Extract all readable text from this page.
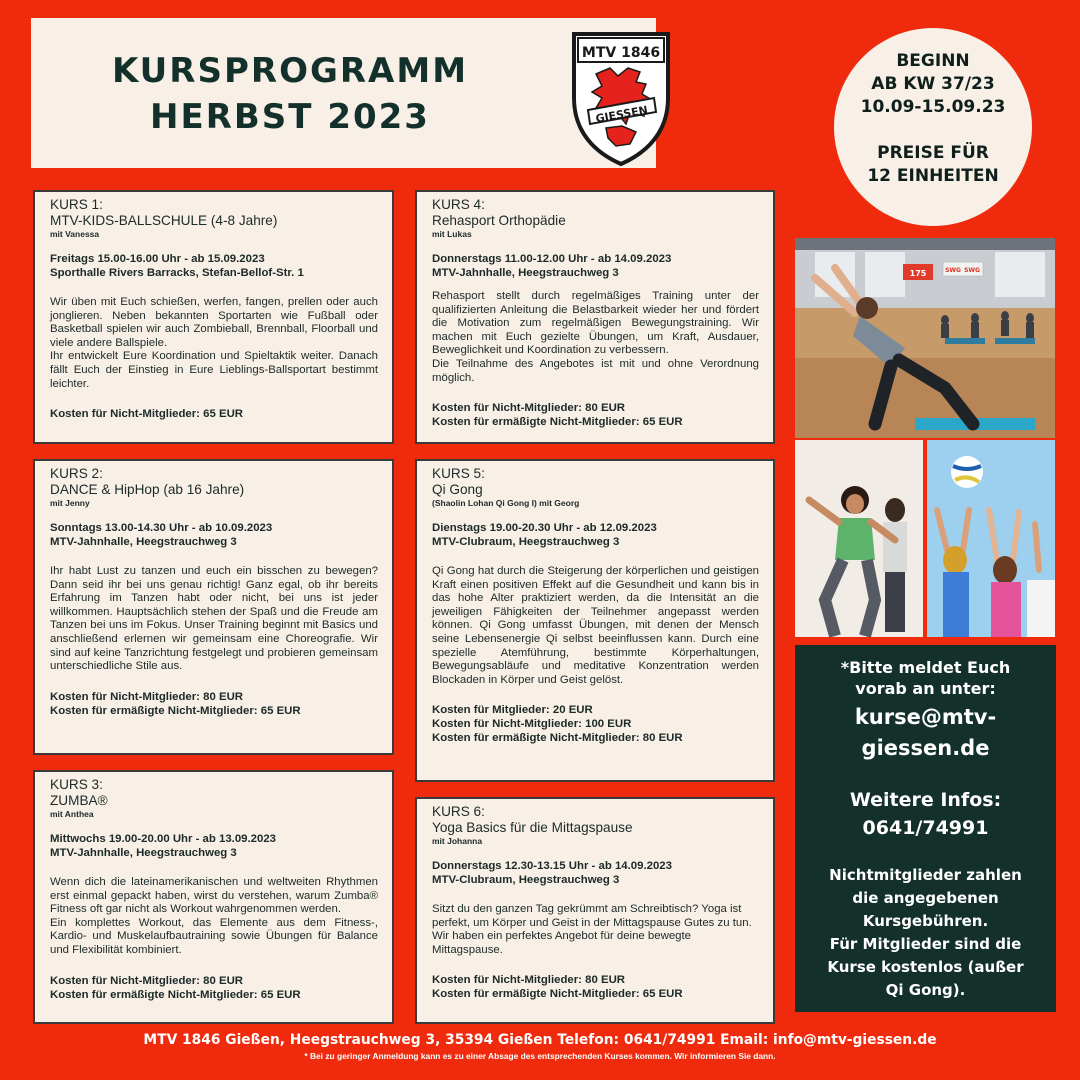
KURSPROGRAMM
HERBST 2023
MTV 1846
GIESSEN
BEGINN
AB KW 37/23
10.09-15.09.23
PREISE FÜR
12 EINHEITEN
KURS 1:
MTV-KIDS-BALLSCHULE (4-8 Jahre)
mit Vanessa
Freitags 15.00-16.00 Uhr - ab 15.09.2023
Sporthalle Rivers Barracks, Stefan-Bellof-Str. 1
Wir üben mit Euch schießen, werfen, fangen, prellen oder auch jonglieren. Neben bekannten Sportarten wie Fußball oder Basketball spielen wir auch Zombieball, Brennball, Floorball und viele andere Ballspiele.
Ihr entwickelt Eure Koordination und Spieltaktik weiter. Danach fällt Euch der Einstieg in Eure Lieblings-Ballsportart bestimmt leichter.
Kosten für Nicht-Mitglieder: 65 EUR
KURS 2:
DANCE & HipHop (ab 16 Jahre)
mit Jenny
Sonntags 13.00-14.30 Uhr - ab 10.09.2023
MTV-Jahnhalle, Heegstrauchweg 3
Ihr habt Lust zu tanzen und euch ein bisschen zu bewegen? Dann seid ihr bei uns genau richtig! Ganz egal, ob ihr bereits Erfahrung im Tanzen habt oder nicht, bei uns ist jeder willkommen. Hauptsächlich stehen der Spaß und die Freude am Tanzen bei uns im Fokus. Unser Training beginnt mit Basics und anschließend erlernen wir gemeinsam eine Choreografie. Wir sind auf keine Tanzrichtung festgelegt und probieren gemeinsam unterschiedliche Stile aus.
Kosten für Nicht-Mitglieder: 80 EUR
Kosten für ermäßigte Nicht-Mitglieder: 65 EUR
KURS 3:
ZUMBA®
mit Anthea
Mittwochs 19.00-20.00 Uhr - ab 13.09.2023
MTV-Jahnhalle, Heegstrauchweg 3
Wenn dich die lateinamerikanischen und weltweiten Rhythmen erst einmal gepackt haben, wirst du verstehen, warum Zumba® Fitness oft gar nicht als Workout wahrgenommen werden.
Ein komplettes Workout, das Elemente aus dem Fitness-, Kardio- und Muskelaufbautraining sowie Übungen für Balance und Flexibilität kombiniert.
Kosten für Nicht-Mitglieder: 80 EUR
Kosten für ermäßigte Nicht-Mitglieder: 65 EUR
KURS 4:
Rehasport Orthopädie
mit Lukas
Donnerstags 11.00-12.00 Uhr - ab 14.09.2023
MTV-Jahnhalle, Heegstrauchweg 3
Rehasport stellt durch regelmäßiges Training unter der qualifizierten Anleitung die Belastbarkeit wieder her und fördert die Motivation zum regelmäßigen Bewegungstraining. Wir machen mit Euch gezielte Übungen, um Kraft, Ausdauer, Beweglichkeit und Koordination zu verbessern.
Die Teilnahme des Angebotes ist mit und ohne Verordnung möglich.
Kosten für Nicht-Mitglieder: 80 EUR
Kosten für ermäßigte Nicht-Mitglieder: 65 EUR
KURS 5:
Qi Gong
(Shaolin Lohan Qi Gong I) mit Georg
Dienstags 19.00-20.30 Uhr - ab 12.09.2023
MTV-Clubraum, Heegstrauchweg 3
Qi Gong hat durch die Steigerung der körperlichen und geistigen Kraft einen positiven Effekt auf die Gesundheit und kann bis in das hohe Alter praktiziert werden, da die Intensität an die jeweiligen Fähigkeiten der Teilnehmer angepasst werden können. Qi Gong umfasst Übungen, mit denen der Mensch seine Lebensenergie Qi selbst beeinflussen kann. Durch eine spezielle Atemführung, bestimmte Körperhaltungen, Bewegungsabläufe und meditative Konzentration werden Blockaden in Körper und Geist gelöst.
Kosten für Mitglieder: 20 EUR
Kosten für Nicht-Mitglieder: 100 EUR
Kosten für ermäßigte Nicht-Mitglieder: 80 EUR
KURS 6:
Yoga Basics für die Mittagspause
mit Johanna
Donnerstags 12.30-13.15 Uhr - ab 14.09.2023
MTV-Clubraum, Heegstrauchweg 3
Sitzt du den ganzen Tag gekrümmt am Schreibtisch? Yoga ist perfekt, um Körper und Geist in der Mittagspause Gutes zu tun. Wir haben ein perfektes Angebot für deine bewegte Mittagspause.
Kosten für Nicht-Mitglieder: 80 EUR
Kosten für ermäßigte Nicht-Mitglieder: 65 EUR
175	SWG SWG
*Bitte meldet Euch
vorab an unter:
kurse@mtv-
giessen.de
Weitere Infos:
0641/74991
Nichtmitglieder zahlen
die angegebenen
Kursgebühren.
Für Mitglieder sind die
Kurse kostenlos (außer
Qi Gong).
MTV 1846 Gießen, Heegstrauchweg 3, 35394 Gießen Telefon: 0641/74991 Email: info@mtv-giessen.de
* Bei zu geringer Anmeldung kann es zu einer Absage des entsprechenden Kurses kommen. Wir informieren Sie dann.
